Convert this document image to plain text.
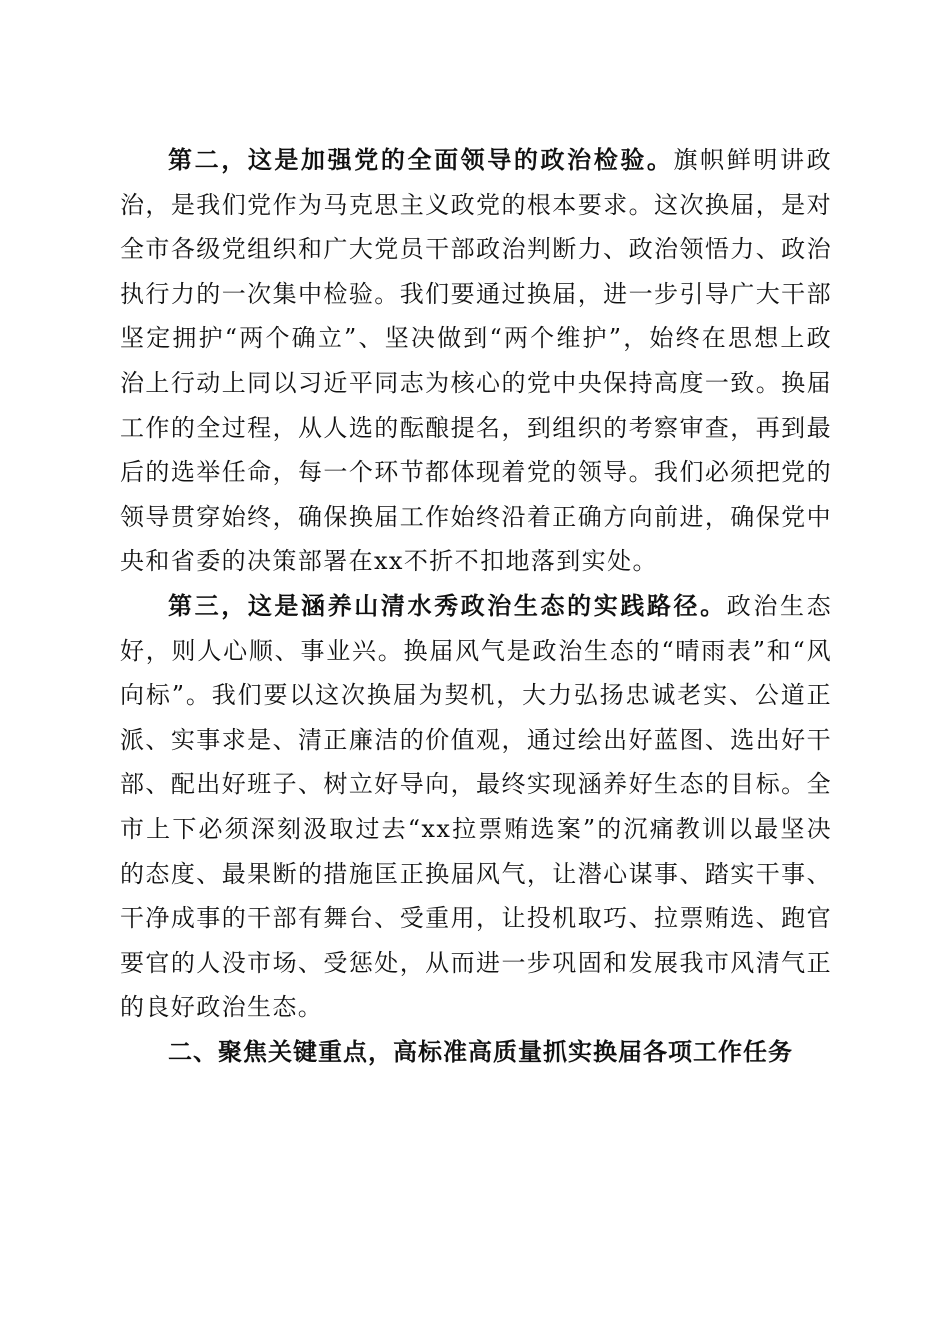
第二，这是加强党的全面领导的政治检验。旗帜鲜明讲政治，是我们党作为马克思主义政党的根本要求。这次换届，是对全市各级党组织和广大党员干部政治判断力、政治领悟力、政治执行力的一次集中检验。我们要通过换届，进一步引导广大干部坚定拥护“两个确立”、坚决做到“两个维护”，始终在思想上政治上行动上同以习近平同志为核心的党中央保持高度一致。换届工作的全过程，从人选的酝酿提名，到组织的考察审查，再到最后的选举任命，每一个环节都体现着党的领导。我们必须把党的领导贯穿始终，确保换届工作始终沿着正确方向前进，确保党中央和省委的决策部署在xx不折不扣地落到实处。

第三，这是涵养山清水秀政治生态的实践路径。政治生态好，则人心顺、事业兴。换届风气是政治生态的“晴雨表”和“风向标”。我们要以这次换届为契机，大力弘扬忠诚老实、公道正派、实事求是、清正廉洁的价值观，通过绘出好蓝图、选出好干部、配出好班子、树立好导向，最终实现涵养好生态的目标。全市上下必须深刻汲取过去“xx拉票贿选案”的沉痛教训以最坚决的态度、最果断的措施匡正换届风气，让潜心谋事、踏实干事、干净成事的干部有舞台、受重用，让投机取巧、拉票贿选、跑官要官的人没市场、受惩处，从而进一步巩固和发展我市风清气正的良好政治生态。

二、聚焦关键重点，高标准高质量抓实换届各项工作任务
